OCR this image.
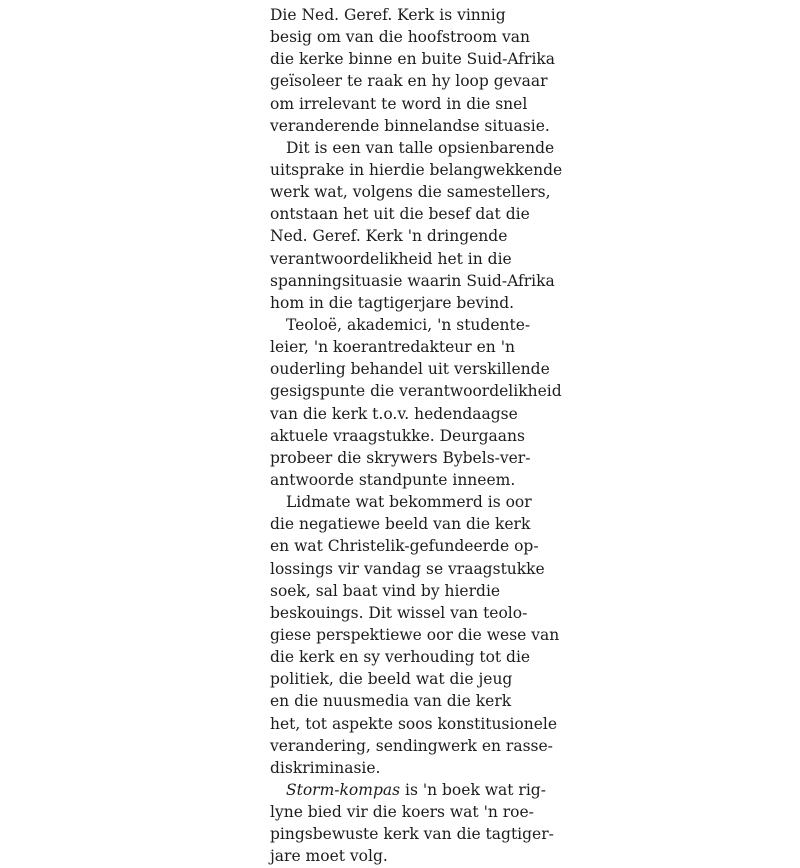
Die Ned. Geref. Kerk is vinnig
besig om van die hoofstroom van
die kerke binne en buite Suid-Afrika
geïsoleer te raak en hy loop gevaar
om irrelevant te word in die snel
veranderende binnelandse situasie.
Dit is een van talle opsienbarende
uitsprake in hierdie belangwekkende
werk wat, volgens die samestellers,
ontstaan het uit die besef dat die
Ned. Geref. Kerk 'n dringende
verantwoordelikheid het in die
spanningsituasie waarin Suid-Afrika
hom in die tagtigerjare bevind.
Teoloë, akademici, 'n studente-
leier, 'n koerantredakteur en 'n
ouderling behandel uit verskillende
gesigspunte die verantwoordelikheid
van die kerk t.o.v. hedendaagse
aktuele vraagstukke. Deurgaans
probeer die skrywers Bybels-ver-
antwoorde standpunte inneem.
Lidmate wat bekommerd is oor
die negatiewe beeld van die kerk
en wat Christelik-gefundeerde op-
lossings vir vandag se vraagstukke
soek, sal baat vind by hierdie
beskouings. Dit wissel van teolo-
giese perspektiewe oor die wese van
die kerk en sy verhouding tot die
politiek, die beeld wat die jeug
en die nuusmedia van die kerk
het, tot aspekte soos konstitusionele
verandering, sendingwerk en rasse-
diskriminasie.
Storm-kompas is 'n boek wat rig-
lyne bied vir die koers wat 'n roe-
pingsbewuste kerk van die tagtiger-
jare moet volg.
